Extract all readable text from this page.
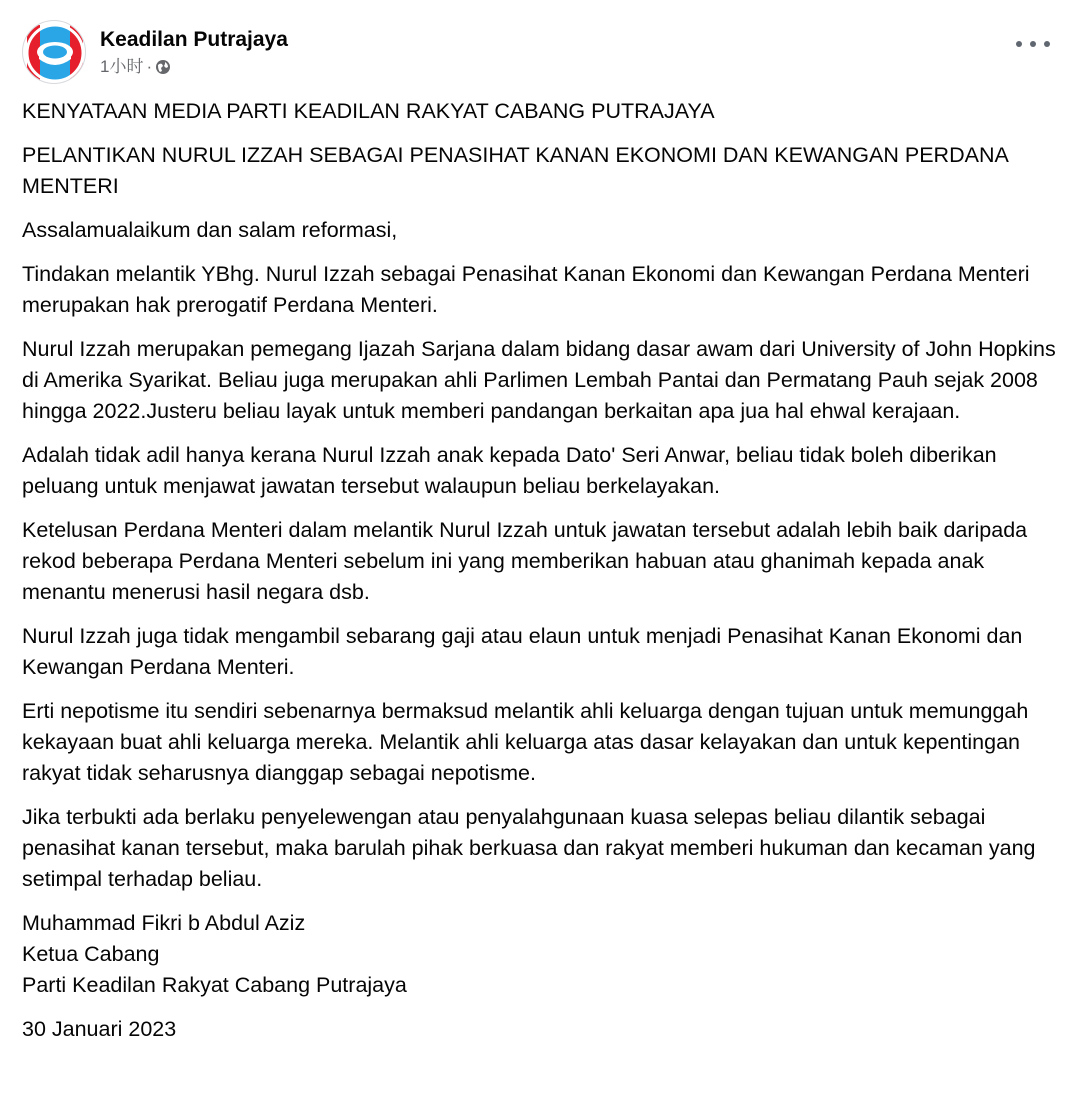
Keadilan Putrajaya
1小时 ·

KENYATAAN MEDIA PARTI KEADILAN RAKYAT CABANG PUTRAJAYA

PELANTIKAN NURUL IZZAH SEBAGAI PENASIHAT KANAN EKONOMI DAN KEWANGAN PERDANA MENTERI

Assalamualaikum dan salam reformasi,

Tindakan melantik YBhg. Nurul Izzah sebagai Penasihat Kanan Ekonomi dan Kewangan Perdana Menteri merupakan hak prerogatif Perdana Menteri.

Nurul Izzah merupakan pemegang Ijazah Sarjana dalam bidang dasar awam dari University of John Hopkins di Amerika Syarikat. Beliau juga merupakan ahli Parlimen Lembah Pantai dan Permatang Pauh sejak 2008 hingga 2022.Justeru beliau layak untuk memberi pandangan berkaitan apa jua hal ehwal kerajaan.

Adalah tidak adil hanya kerana Nurul Izzah anak kepada Dato' Seri Anwar, beliau tidak boleh diberikan peluang untuk menjawat jawatan tersebut walaupun beliau berkelayakan.

Ketelusan Perdana Menteri dalam melantik Nurul Izzah untuk jawatan tersebut adalah lebih baik daripada rekod beberapa Perdana Menteri sebelum ini yang memberikan habuan atau ghanimah kepada anak menantu menerusi hasil negara dsb.

Nurul Izzah juga tidak mengambil sebarang gaji atau elaun untuk menjadi Penasihat Kanan Ekonomi dan Kewangan Perdana Menteri.

Erti nepotisme itu sendiri sebenarnya bermaksud melantik ahli keluarga dengan tujuan untuk memunggah kekayaan buat ahli keluarga mereka. Melantik ahli keluarga atas dasar kelayakan dan untuk kepentingan rakyat tidak seharusnya dianggap sebagai nepotisme.

Jika terbukti ada berlaku penyelewengan atau penyalahgunaan kuasa selepas beliau dilantik sebagai penasihat kanan tersebut, maka barulah pihak berkuasa dan rakyat memberi hukuman dan kecaman yang setimpal terhadap beliau.

Muhammad Fikri b Abdul Aziz
Ketua Cabang
Parti Keadilan Rakyat Cabang Putrajaya

30 Januari 2023
